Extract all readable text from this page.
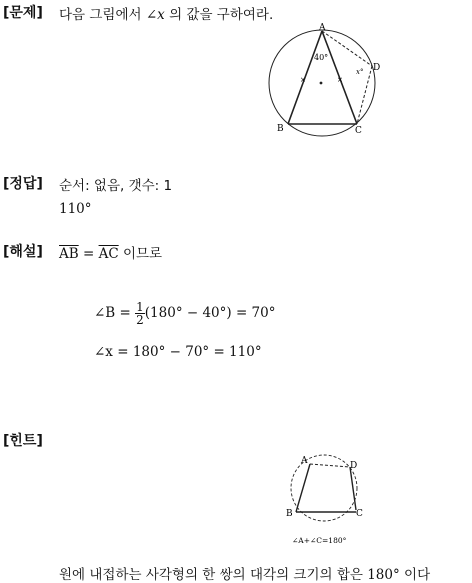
[문제] 다음 그림에서 ∠x 의 값을 구하여라.
A
B	C
D
40°
x°
×	×
[정답] 순서: 없음, 갯수: 1
110°
[해설] $\overline{AB} = \overline{AC}$ 이므로
∠B = $\frac{1}{2} (180^\circ - 40^\circ) = 70^\circ$
∠x = 180° − 70° = 110°
[힌트]
A	D
B	C
∠A+∠C=180°
원에 내접하는 사각형의 한 쌍의 대각의 크기의 합은 180° 이다
